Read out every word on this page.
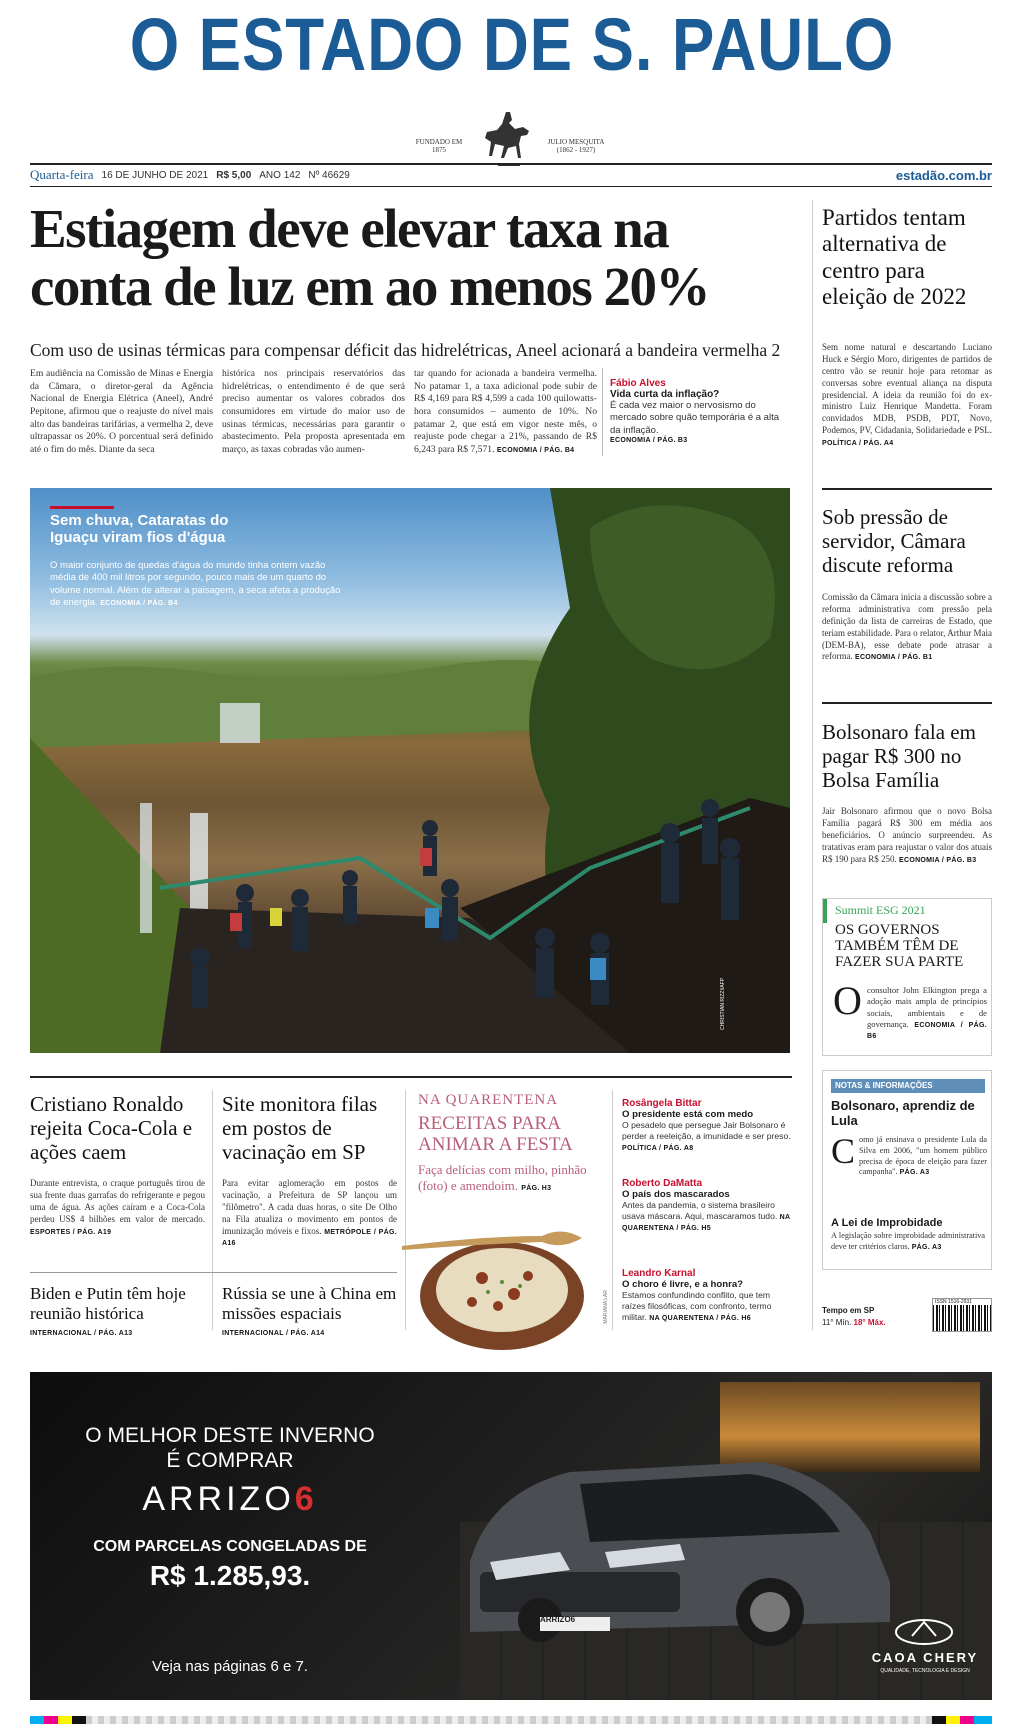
O ESTADO DE S. PAULO
FUNDADO EM
1875
JULIO MESQUITA
(1862 - 1927)
Quarta-feira 16 DE JUNHO DE 2021 R$ 5,00 ANO 142 Nº 46629	estadão.com.br
Estiagem deve elevar taxa na conta de luz em ao menos 20%
Com uso de usinas térmicas para compensar déficit das hidrelétricas, Aneel acionará a bandeira vermelha 2
Em audiência na Comissão de Minas e Energia da Câmara, o diretor-geral da Agência Nacional de Energia Elétrica (Aneel), André Pepitone, afirmou que o reajuste do nível mais alto das bandeiras tarifárias, a vermelha 2, deve ultrapassar os 20%. O porcentual será definido até o fim do mês. Diante da seca
histórica nos principais reservatórios das hidrelétricas, o entendimento é de que será preciso aumentar os valores cobrados dos consumidores em virtude do maior uso de usinas térmicas, necessárias para garantir o abastecimento. Pela proposta apresentada em março, as taxas cobradas vão aumen-
tar quando for acionada a bandeira vermelha. No patamar 1, a taxa adicional pode subir de R$ 4,169 para R$ 4,599 a cada 100 quilowatts-hora consumidos – aumento de 10%. No patamar 2, que está em vigor neste mês, o reajuste pode chegar a 21%, passando de R$ 6,243 para R$ 7,571. ECONOMIA / PÁG. B4
Fábio Alves
Vida curta da inflação?
É cada vez maior o nervosismo do mercado sobre quão temporária é a alta da inflação.
ECONOMIA / PÁG. B3
Sem chuva, Cataratas do Iguaçu viram fios d'água
O maior conjunto de quedas d'água do mundo tinha ontem vazão média de 400 mil litros por segundo, pouco mais de um quarto do volume normal. Além de alterar a paisagem, a seca afeta a produção de energia. ECONOMIA / PÁG. B4
CHRISTIAN RIZZI/AFP
Partidos tentam alternativa de centro para eleição de 2022
Sem nome natural e descartando Luciano Huck e Sérgio Moro, dirigentes de partidos de centro vão se reunir hoje para retomar as conversas sobre eventual aliança na disputa presidencial. A ideia da reunião foi do ex-ministro Luiz Henrique Mandetta. Foram convidados MDB, PSDB, PDT, Novo, Podemos, PV, Cidadania, Solidariedade e PSL. POLÍTICA / PÁG. A4
Sob pressão de servidor, Câmara discute reforma
Comissão da Câmara inicia a discussão sobre a reforma administrativa com pressão pela definição da lista de carreiras de Estado, que teriam estabilidade. Para o relator, Arthur Maia (DEM-BA), esse debate pode atrasar a reforma. ECONOMIA / PÁG. B1
Bolsonaro fala em pagar R$ 300 no Bolsa Família
Jair Bolsonaro afirmou que o novo Bolsa Família pagará R$ 300 em média aos beneficiários. O anúncio surpreendeu. As tratativas eram para reajustar o valor dos atuais R$ 190 para R$ 250. ECONOMIA / PÁG. B3
Summit ESG 2021
OS GOVERNOS TAMBÉM TÊM DE FAZER SUA PARTE
O consultor John Elkington prega a adoção mais ampla de princípios sociais, ambientais e de governança. ECONOMIA / PÁG. B6
Cristiano Ronaldo rejeita Coca-Cola e ações caem
Durante entrevista, o craque português tirou de sua frente duas garrafas do refrigerante e pegou uma de água. As ações caíram e a Coca-Cola perdeu US$ 4 bilhões em valor de mercado. ESPORTES / PÁG. A19
Site monitora filas em postos de vacinação em SP
Para evitar aglomeração em postos de vacinação, a Prefeitura de SP lançou um "filômetro". A cada duas horas, o site De Olho na Fila atualiza o movimento em pontos de imunização móveis e fixos. METRÓPOLE / PÁG. A16
Biden e Putin têm hoje reunião histórica
INTERNACIONAL / PÁG. A13
Rússia se une à China em missões espaciais
INTERNACIONAL / PÁG. A14
NA QUARENTENA
RECEITAS PARA ANIMAR A FESTA
Faça delícias com milho, pinhão (foto) e amendoim. PÁG. H3
MARIANA LAR
Rosângela Bittar
O presidente está com medo
O pesadelo que persegue Jair Bolsonaro é perder a reeleição, a imunidade e ser preso. POLÍTICA / PÁG. A8
Roberto DaMatta
O país dos mascarados
Antes da pandemia, o sistema brasileiro usava máscara. Aqui, mascaramos tudo. NA QUARENTENA / PÁG. H5
Leandro Karnal
O choro é livre, e a honra?
Estamos confundindo conflito, que tem raízes filosóficas, com confronto, termo militar. NA QUARENTENA / PÁG. H6
NOTAS & INFORMAÇÕES
Bolsonaro, aprendiz de Lula
C omo já ensinava o presidente Lula da Silva em 2006, "um homem público precisa de época de eleição para fazer campanha". PÁG. A3
A Lei de Improbidade
A legislação sobre improbidade administrativa deve ter critérios claros. PÁG. A3
Tempo em SP
11° Mín. 18° Máx.
ISSN 1516-2931
ARRIZO6
O MELHOR DESTE INVERNO
É COMPRAR
ARRIZO6
COM PARCELAS CONGELADAS DE
R$ 1.285,93.
Veja nas páginas 6 e 7.
CAOA CHERY
QUALIDADE, TECNOLOGIA E DESIGN
